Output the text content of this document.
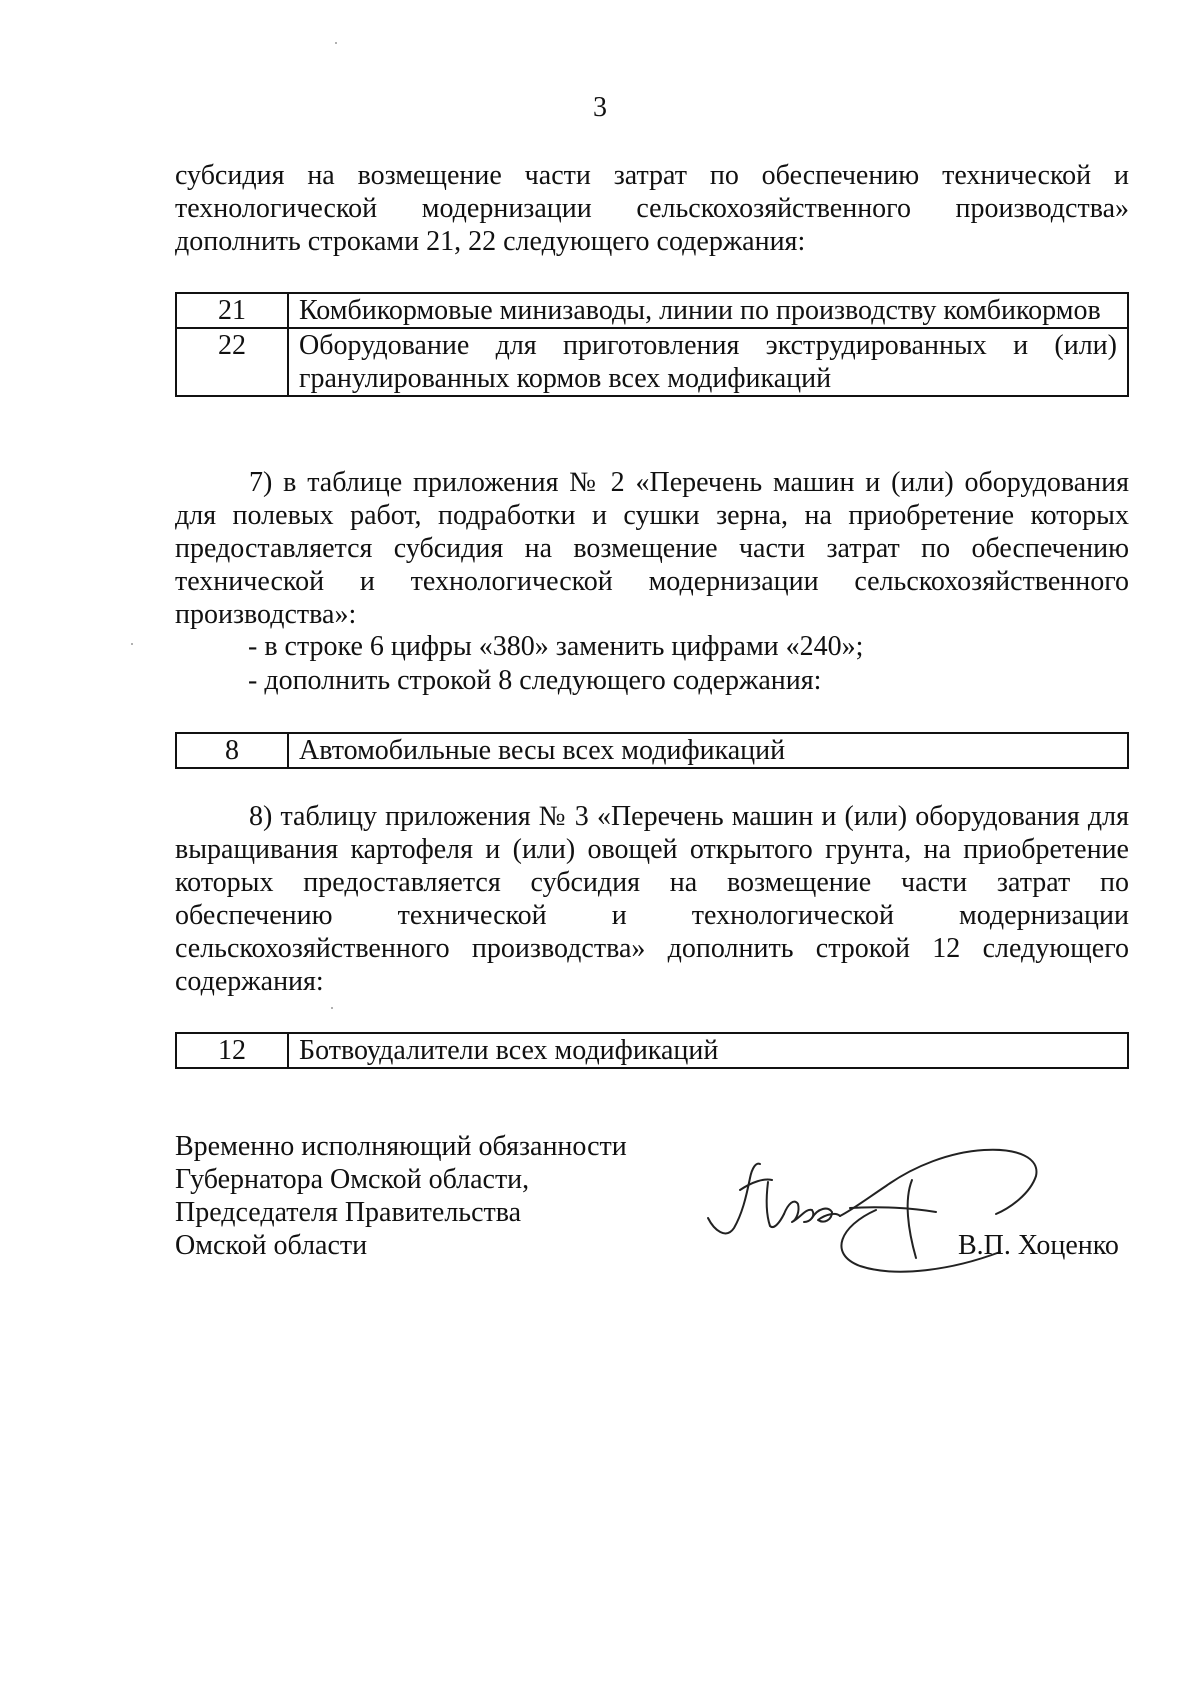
3
субсидия на возмещение части затрат по обеспечению технической и
технологической модернизации сельскохозяйственного производства»
дополнить строками 21, 22 следующего содержания:
21	Комбикормовые минизаводы, линии по производству комбикормов
22	Оборудование для приготовления экструдированных и (или) гранулированных кормов всех модификаций

7) в таблице приложения № 2 «Перечень машин и (или) оборудования для полевых работ, подработки и сушки зерна, на приобретение которых предоставляется субсидия на возмещение части затрат по обеспечению технической и технологической модернизации сельскохозяйственного производства»:

- в строке 6 цифры «380» заменить цифрами «240»;
- дополнить строкой 8 следующего содержания:
8	Автомобильные весы всех модификаций

8) таблицу приложения № 3 «Перечень машин и (или) оборудования для выращивания картофеля и (или) овощей открытого грунта, на приобретение которых предоставляется субсидия на возмещение части затрат по обеспечению технической и технологической модернизации сельскохозяйственного производства» дополнить строкой 12 следующего содержания:

12	Ботвоудалители всех модификаций
Временно исполняющий обязанности
Губернатора Омской области,
Председателя Правительства
Омской области	В.П. Хоценко
